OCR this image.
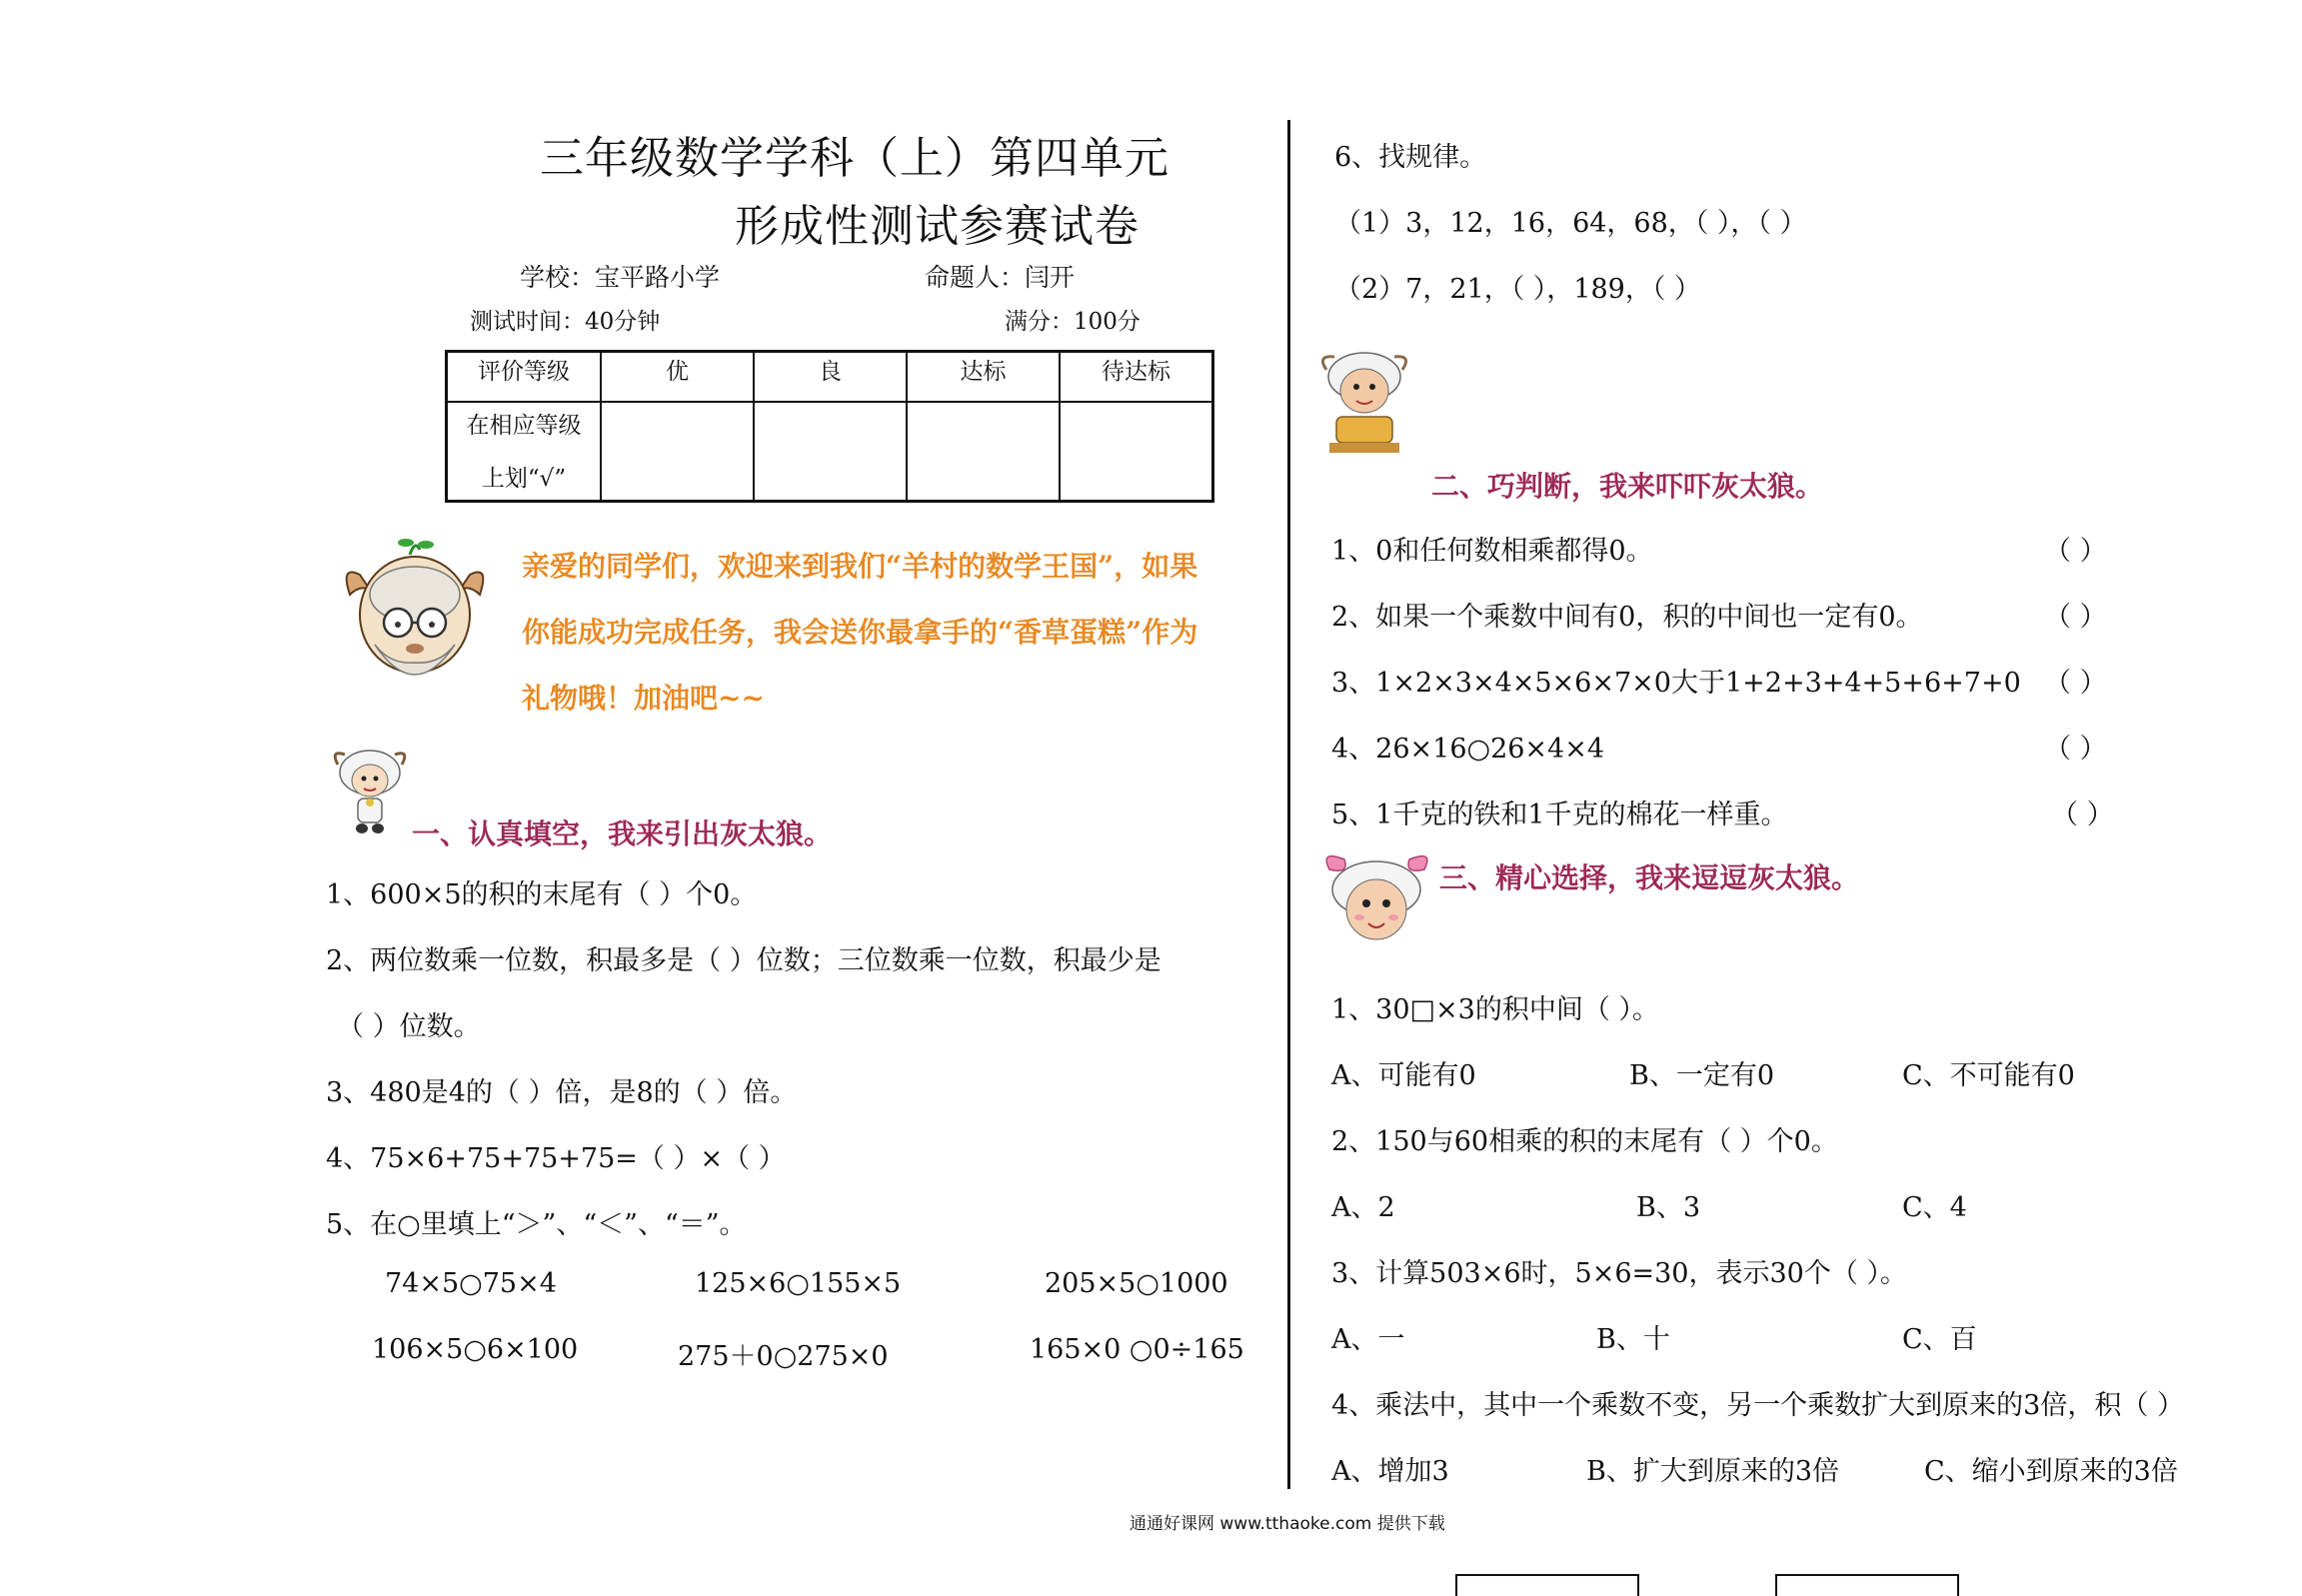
三年级数学学科（上）第四单元
形成性测试参赛试卷
学校：宝平路小学	命题人：闫开
测试时间：40分钟	满分：100分
评价等级	优	良	达标	待达标

在相应等级
上划“√”				

亲爱的同学们，欢迎来到我们“羊村的数学王国”，如果
你能成功完成任务，我会送你最拿手的“香草蛋糕”作为
礼物哦！加油吧~~
一、认真填空，我来引出灰太狼。
1、600×5的积的末尾有（ ）个0。
2、两位数乘一位数，积最多是（ ）位数；三位数乘一位数，积最少是
（ ）位数。
3、480是4的（ ）倍，是8的（ ）倍。
4、75×6+75+75+75=（ ）×（ ）
5、在○里填上“＞”、“＜”、“＝”。
74×5○75×4	125×6○155×5	205×5○1000
106×5○6×100	275＋0○275×0	165×0 ○0÷165
6、找规律。
（1）3，12，16，64，68，（ ），（ ）
（2）7，21，（ ），189，（ ）
二、巧判断，我来吓吓灰太狼。
1、0和任何数相乘都得0。	（ ）
2、如果一个乘数中间有0，积的中间也一定有0。	（ ）
3、1×2×3×4×5×6×7×0大于1+2+3+4+5+6+7+0 （ ）
4、26×16○26×4×4	（ ）
5、1千克的铁和1千克的棉花一样重。	（ ）
三、精心选择，我来逗逗灰太狼。
1、30□×3的积中间（ ）。
A、可能有0	B、一定有0	C、不可能有0
2、150与60相乘的积的末尾有（ ）个0。
A、2	B、3	C、4
3、计算503×6时，5×6=30，表示30个（ ）。
A、一	B、十	C、百
4、乘法中，其中一个乘数不变，另一个乘数扩大到原来的3倍，积（ ）
A、增加3	B、扩大到原来的3倍	C、缩小到原来的3倍
通通好课网 www.tthaoke.com 提供下载
